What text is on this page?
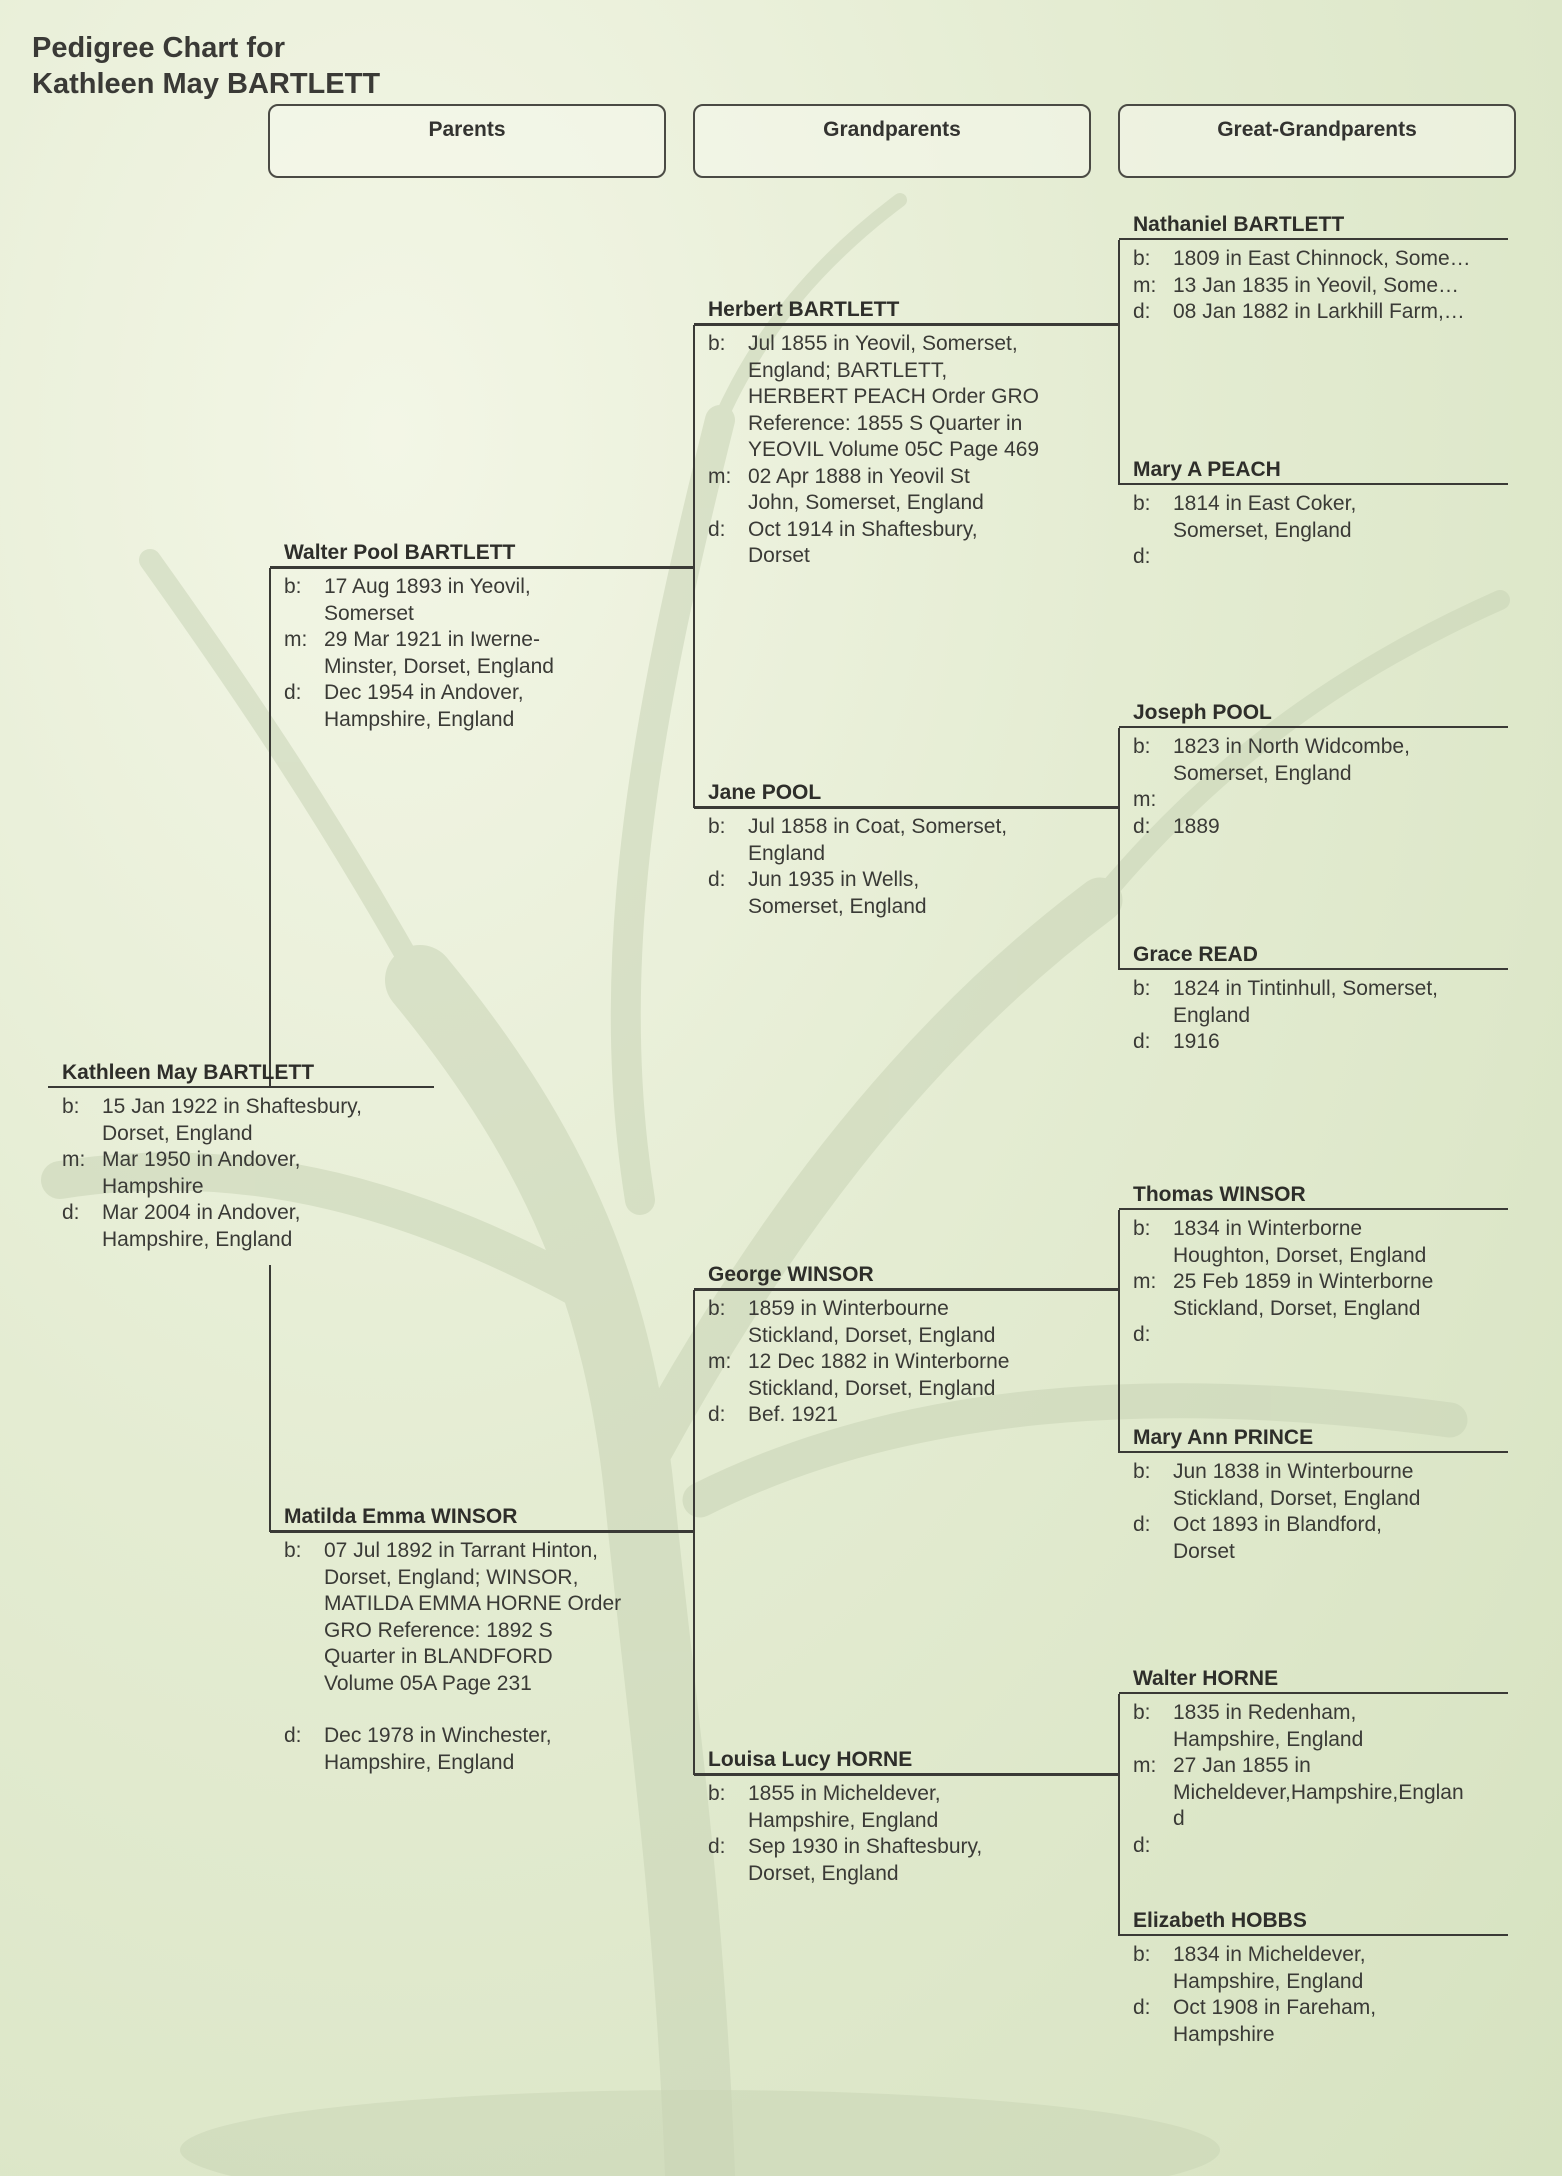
Pedigree Chart for
Kathleen May BARTLETT
Parents	Grandparents	Great-Grandparents
Kathleen May BARTLETT
b:	15 Jan 1922 in Shaftesbury,
Dorset, England
m: Mar 1950 in Andover,
Hampshire
d:	Mar 2004 in Andover,
Hampshire, England
Walter Pool BARTLETT
b:	17 Aug 1893 in Yeovil,
Somerset
m: 29 Mar 1921 in Iwerne-
Minster, Dorset, England
d:	Dec 1954 in Andover,
Hampshire, England
Matilda Emma WINSOR
b:	07 Jul 1892 in Tarrant Hinton,
Dorset, England; WINSOR,
MATILDA EMMA HORNE Order
GRO Reference: 1892 S
Quarter in BLANDFORD
Volume 05A Page 231
d:	Dec 1978 in Winchester,
Hampshire, England
Herbert BARTLETT
b:	Jul 1855 in Yeovil, Somerset,
England; BARTLETT,
HERBERT PEACH Order GRO
Reference: 1855 S Quarter in
YEOVIL Volume 05C Page 469
m: 02 Apr 1888 in Yeovil St
John, Somerset, England
d:	Oct 1914 in Shaftesbury,
Dorset
Jane POOL
b:	Jul 1858 in Coat, Somerset,
England
d:	Jun 1935 in Wells,
Somerset, England
George WINSOR
b:	1859 in Winterbourne
Stickland, Dorset, England
m: 12 Dec 1882 in Winterborne
Stickland, Dorset, England
d:	Bef. 1921
Louisa Lucy HORNE
b:	1855 in Micheldever,
Hampshire, England
d:	Sep 1930 in Shaftesbury,
Dorset, England
Nathaniel BARTLETT
b:	1809 in East Chinnock, Some…
m: 13 Jan 1835 in Yeovil, Some…
d:	08 Jan 1882 in Larkhill Farm,…
Mary A PEACH
b:	1814 in East Coker,
Somerset, England
d:
Joseph POOL
b:	1823 in North Widcombe,
Somerset, England
m:
d:	1889
Grace READ
b:	1824 in Tintinhull, Somerset,
England
d:	1916
Thomas WINSOR
b:	1834 in Winterborne
Houghton, Dorset, England
m: 25 Feb 1859 in Winterborne
Stickland, Dorset, England
d:
Mary Ann PRINCE
b:	Jun 1838 in Winterbourne
Stickland, Dorset, England
d:	Oct 1893 in Blandford,
Dorset
Walter HORNE
b:	1835 in Redenham,
Hampshire, England
m: 27 Jan 1855 in
Micheldever,Hampshire,Englan
d
d:
Elizabeth HOBBS
b:	1834 in Micheldever,
Hampshire, England
d:	Oct 1908 in Fareham,
Hampshire
